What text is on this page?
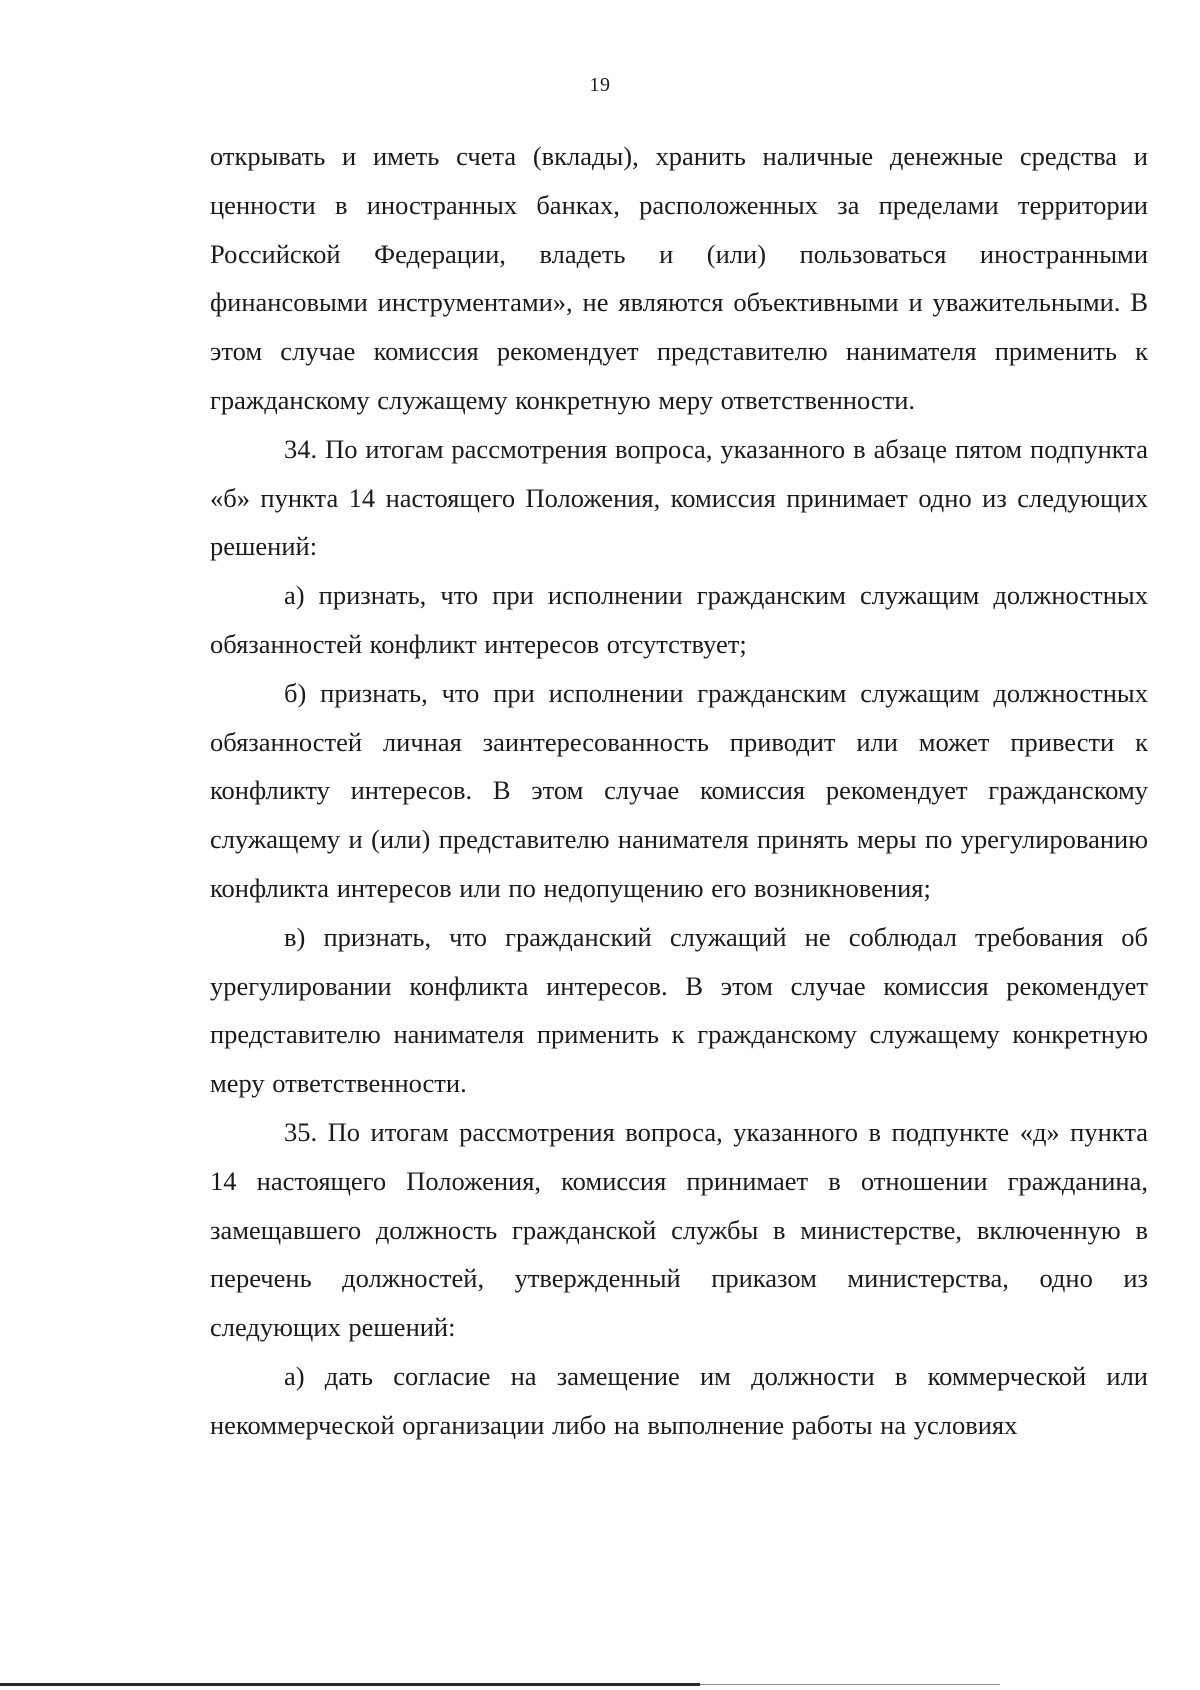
19

открывать и иметь счета (вклады), хранить наличные денежные средства и ценности в иностранных банках, расположенных за пределами территории Российской Федерации, владеть и (или) пользоваться иностранными финансовыми инструментами», не являются объективными и уважительными. В этом случае комиссия рекомендует представителю нанимателя применить к гражданскому служащему конкретную меру ответственности.

34. По итогам рассмотрения вопроса, указанного в абзаце пятом подпункта «б» пункта 14 настоящего Положения, комиссия принимает одно из следующих решений:

а) признать, что при исполнении гражданским служащим должностных обязанностей конфликт интересов отсутствует;

б) признать, что при исполнении гражданским служащим должностных обязанностей личная заинтересованность приводит или может привести к конфликту интересов. В этом случае комиссия рекомендует гражданскому служащему и (или) представителю нанимателя принять меры по урегулированию конфликта интересов или по недопущению его возникновения;

в) признать, что гражданский служащий не соблюдал требования об урегулировании конфликта интересов. В этом случае комиссия рекомендует представителю нанимателя применить к гражданскому служащему конкретную меру ответственности.

35. По итогам рассмотрения вопроса, указанного в подпункте «д» пункта 14 настоящего Положения, комиссия принимает в отношении гражданина, замещавшего должность гражданской службы в министерстве, включенную в перечень должностей, утвержденный приказом министерства, одно из следующих решений:

а) дать согласие на замещение им должности в коммерческой или некоммерческой организации либо на выполнение работы на условиях
